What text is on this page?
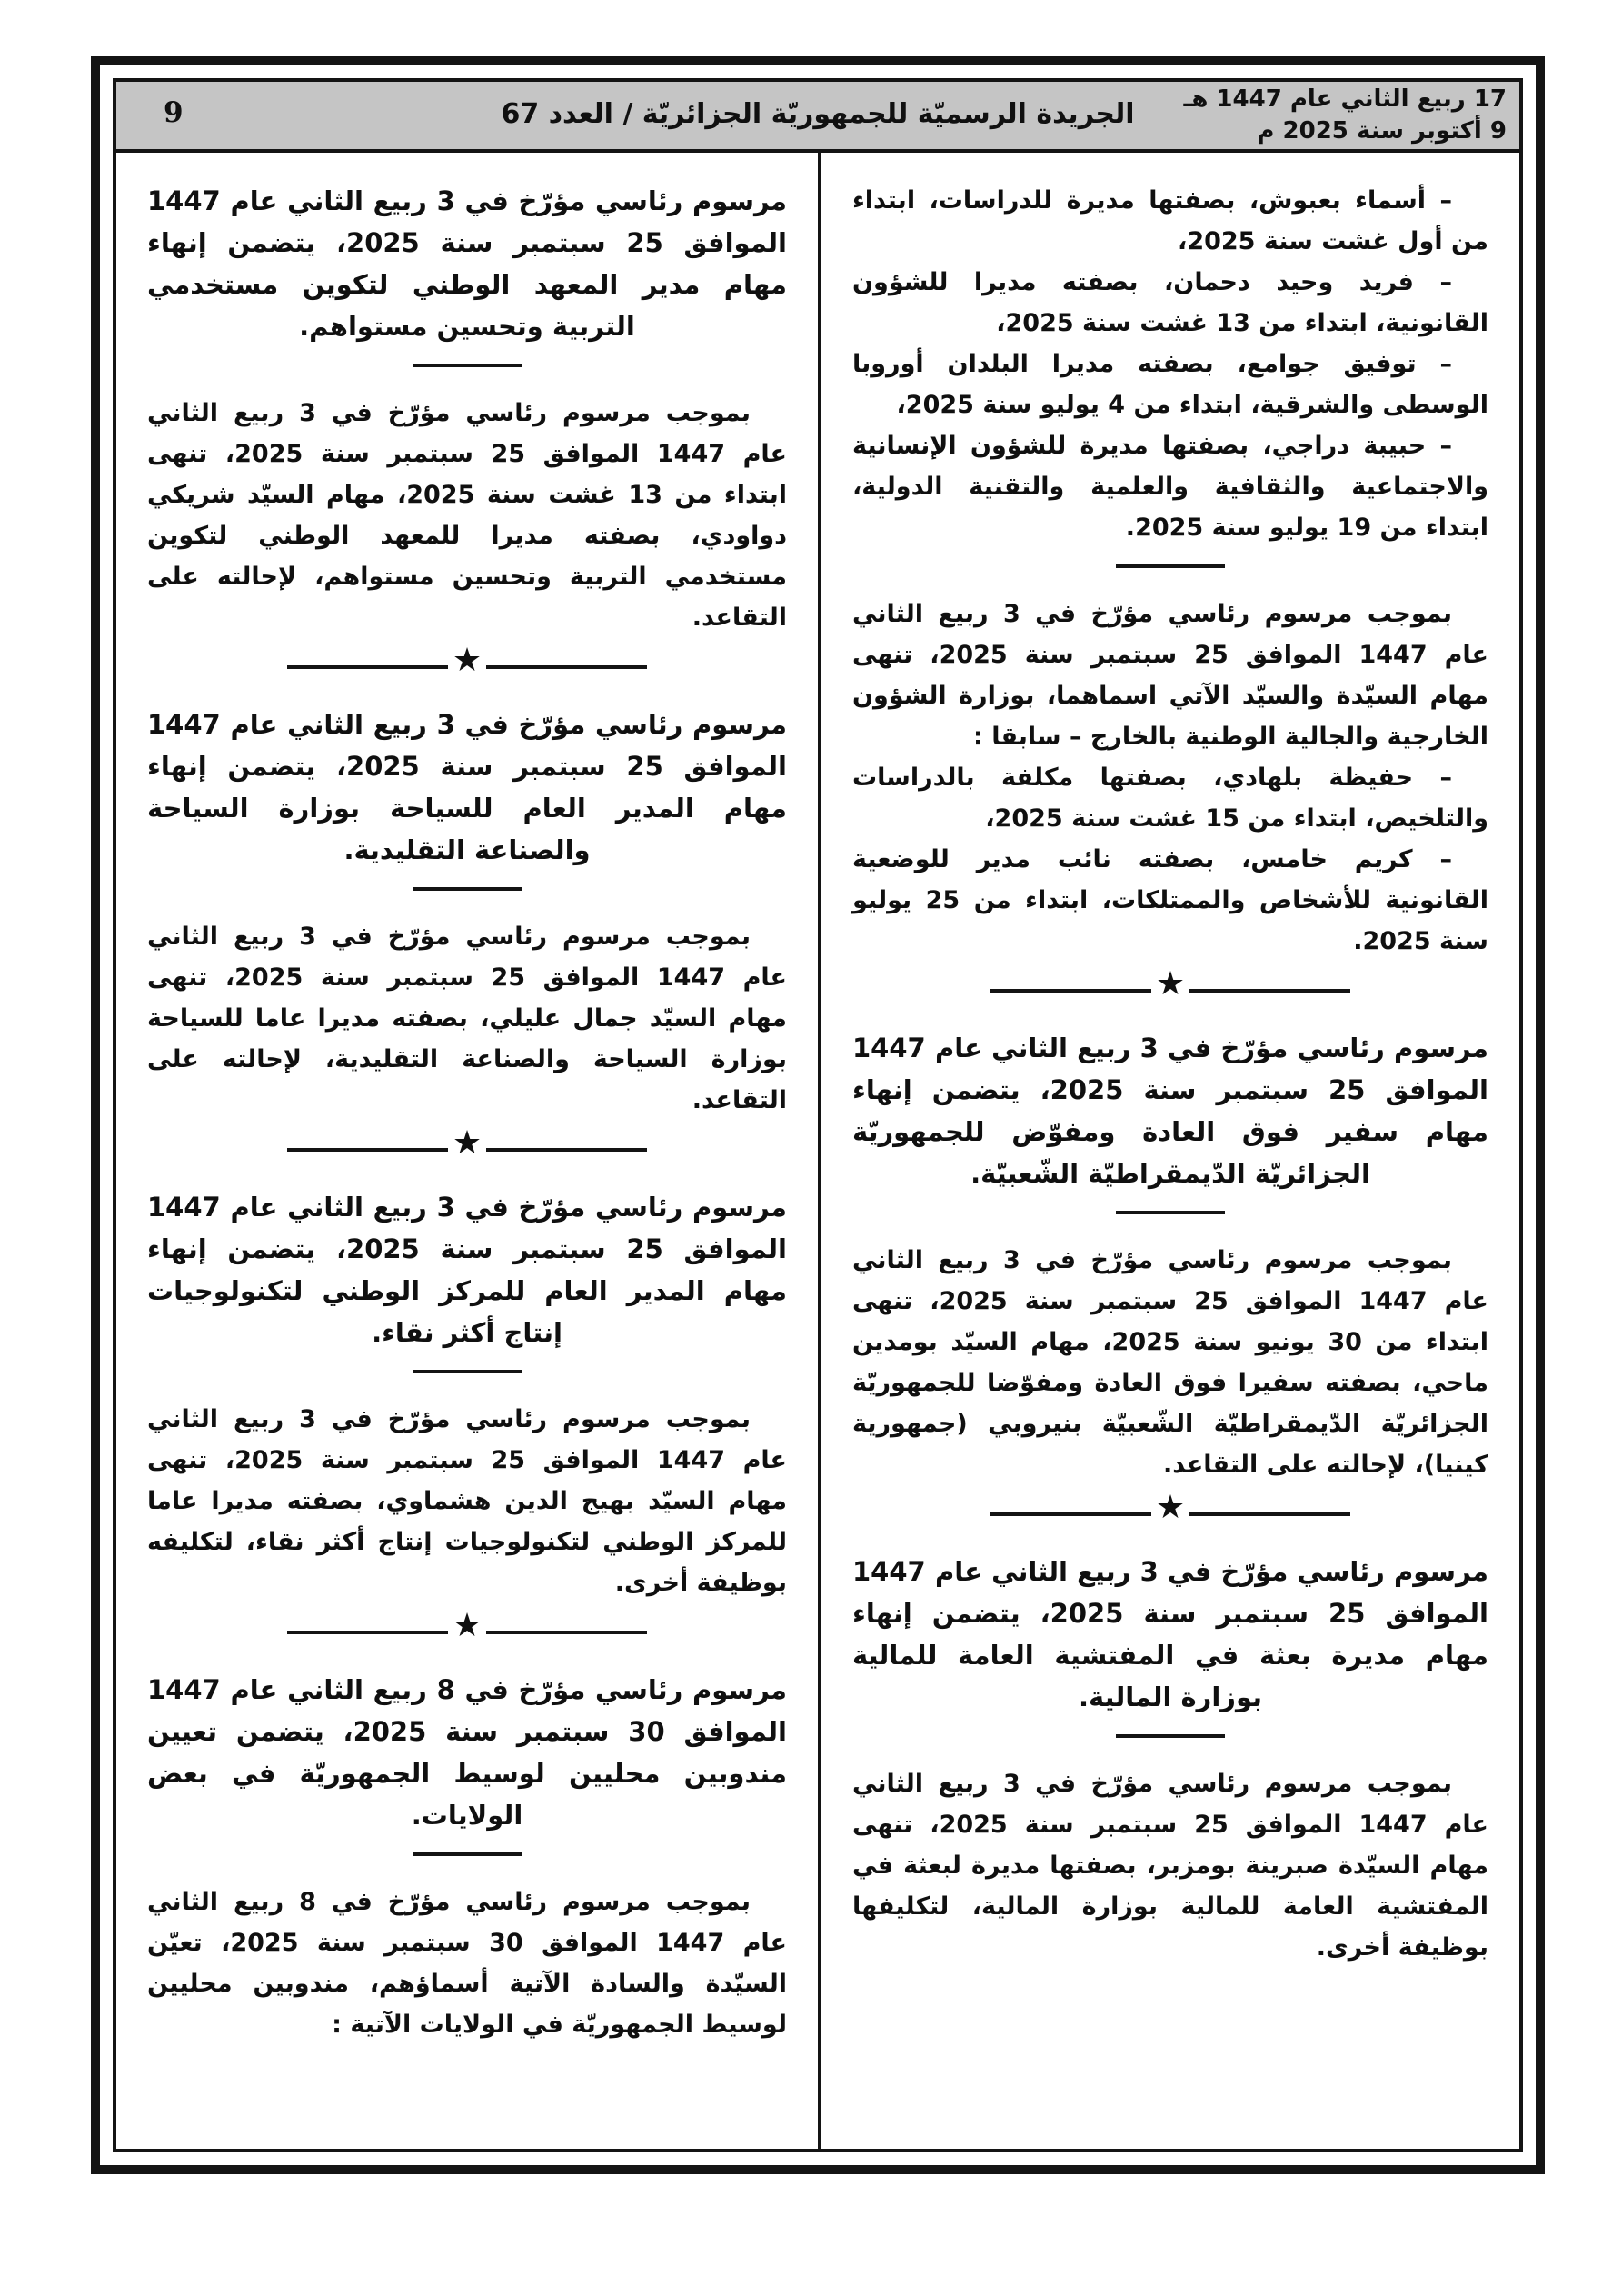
17 ربيع الثاني عام 1447 هـ
9 أكتوبر سنة 2025 م
الجريدة الرسميّة للجمهوريّة الجزائريّة / العدد 67
9

– أسماء بعبوش، بصفتها مديرة للدراسات، ابتداء من أول غشت سنة 2025،

– فريد وحيد دحمان، بصفته مديرا للشؤون القانونية، ابتداء من 13 غشت سنة 2025،

– توفيق جوامع، بصفته مديرا البلدان أوروبا الوسطى والشرقية، ابتداء من 4 يوليو سنة 2025،

– حبيبة دراجي، بصفتها مديرة للشؤون الإنسانية والاجتماعية والثقافية والعلمية والتقنية الدولية، ابتداء من 19 يوليو سنة 2025.

بموجب مرسوم رئاسي مؤرّخ في 3 ربيع الثاني عام 1447 الموافق 25 سبتمبر سنة 2025، تنهى مهام السيّدة والسيّد الآتي اسماهما، بوزارة الشؤون الخارجية والجالية الوطنية بالخارج – سابقا :

– حفيظة بلهادي، بصفتها مكلفة بالدراسات والتلخيص، ابتداء من 15 غشت سنة 2025،

– كريم خامس، بصفته نائب مدير للوضعية القانونية للأشخاص والممتلكات، ابتداء من 25 يوليو سنة 2025.

★

مرسوم رئاسي مؤرّخ في 3 ربيع الثاني عام 1447 الموافق 25 سبتمبر سنة 2025، يتضمن إنهاء مهام سفير فوق العادة ومفوّض للجمهوريّة الجزائريّة الدّيمقراطيّة الشّعبيّة.

بموجب مرسوم رئاسي مؤرّخ في 3 ربيع الثاني عام 1447 الموافق 25 سبتمبر سنة 2025، تنهى ابتداء من 30 يونيو سنة 2025، مهام السيّد بومدين ماحي، بصفته سفيرا فوق العادة ومفوّضا للجمهوريّة الجزائريّة الدّيمقراطيّة الشّعبيّة بنيروبي (جمهورية كينيا)، لإحالته على التقاعد.

★

مرسوم رئاسي مؤرّخ في 3 ربيع الثاني عام 1447 الموافق 25 سبتمبر سنة 2025، يتضمن إنهاء مهام مديرة بعثة في المفتشية العامة للمالية بوزارة المالية.

بموجب مرسوم رئاسي مؤرّخ في 3 ربيع الثاني عام 1447 الموافق 25 سبتمبر سنة 2025، تنهى مهام السيّدة صبرينة بومزبر، بصفتها مديرة لبعثة في المفتشية العامة للمالية بوزارة المالية، لتكليفها بوظيفة أخرى.

مرسوم رئاسي مؤرّخ في 3 ربيع الثاني عام 1447 الموافق 25 سبتمبر سنة 2025، يتضمن إنهاء مهام مدير المعهد الوطني لتكوين مستخدمي التربية وتحسين مستواهم.

بموجب مرسوم رئاسي مؤرّخ في 3 ربيع الثاني عام 1447 الموافق 25 سبتمبر سنة 2025، تنهى ابتداء من 13 غشت سنة 2025، مهام السيّد شريكي دواودي، بصفته مديرا للمعهد الوطني لتكوين مستخدمي التربية وتحسين مستواهم، لإحالته على التقاعد.

★

مرسوم رئاسي مؤرّخ في 3 ربيع الثاني عام 1447 الموافق 25 سبتمبر سنة 2025، يتضمن إنهاء مهام المدير العام للسياحة بوزارة السياحة والصناعة التقليدية.

بموجب مرسوم رئاسي مؤرّخ في 3 ربيع الثاني عام 1447 الموافق 25 سبتمبر سنة 2025، تنهى مهام السيّد جمال عليلي، بصفته مديرا عاما للسياحة بوزارة السياحة والصناعة التقليدية، لإحالته على التقاعد.

★

مرسوم رئاسي مؤرّخ في 3 ربيع الثاني عام 1447 الموافق 25 سبتمبر سنة 2025، يتضمن إنهاء مهام المدير العام للمركز الوطني لتكنولوجيات إنتاج أكثر نقاء.

بموجب مرسوم رئاسي مؤرّخ في 3 ربيع الثاني عام 1447 الموافق 25 سبتمبر سنة 2025، تنهى مهام السيّد بهيج الدين هشماوي، بصفته مديرا عاما للمركز الوطني لتكنولوجيات إنتاج أكثر نقاء، لتكليفه بوظيفة أخرى.

★

مرسوم رئاسي مؤرّخ في 8 ربيع الثاني عام 1447 الموافق 30 سبتمبر سنة 2025، يتضمن تعيين مندوبين محليين لوسيط الجمهوريّة في بعض الولايات.

بموجب مرسوم رئاسي مؤرّخ في 8 ربيع الثاني عام 1447 الموافق 30 سبتمبر سنة 2025، تعيّن السيّدة والسادة الآتية أسماؤهم، مندوبين محليين لوسيط الجمهوريّة في الولايات الآتية :
